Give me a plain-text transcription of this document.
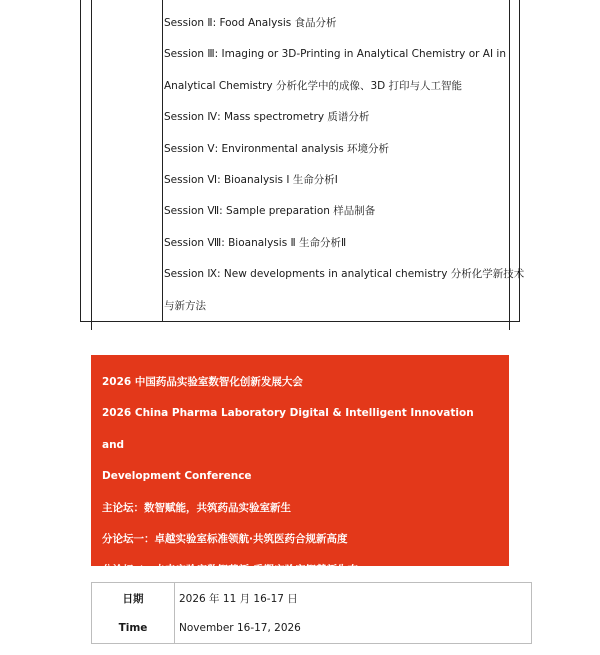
Session Ⅱ: Food Analysis 食品分析
Session Ⅲ: Imaging or 3D-Printing in Analytical Chemistry or AI in
Analytical Chemistry 分析化学中的成像、3D 打印与人工智能
Session Ⅳ: Mass spectrometry 质谱分析
Session Ⅴ: Environmental analysis 环境分析
Session Ⅵ: Bioanalysis Ⅰ 生命分析Ⅰ
Session Ⅶ: Sample preparation 样品制备
Session Ⅷ: Bioanalysis Ⅱ 生命分析Ⅱ
Session Ⅸ: New developments in analytical chemistry 分析化学新技术
与新方法

2026 中国药品实验室数智化创新发展大会

2026 China Pharma Laboratory Digital & Intelligent Innovation and

Development Conference

主论坛：数智赋能，共筑药品实验室新生

分论坛一：卓越实验室标准领航·共筑医药合规新高度

分论坛二：未来实验室数智革新·重塑实验室智慧新生态

日期	2026 年 11 月 16-17 日
Time	November 16-17, 2026
